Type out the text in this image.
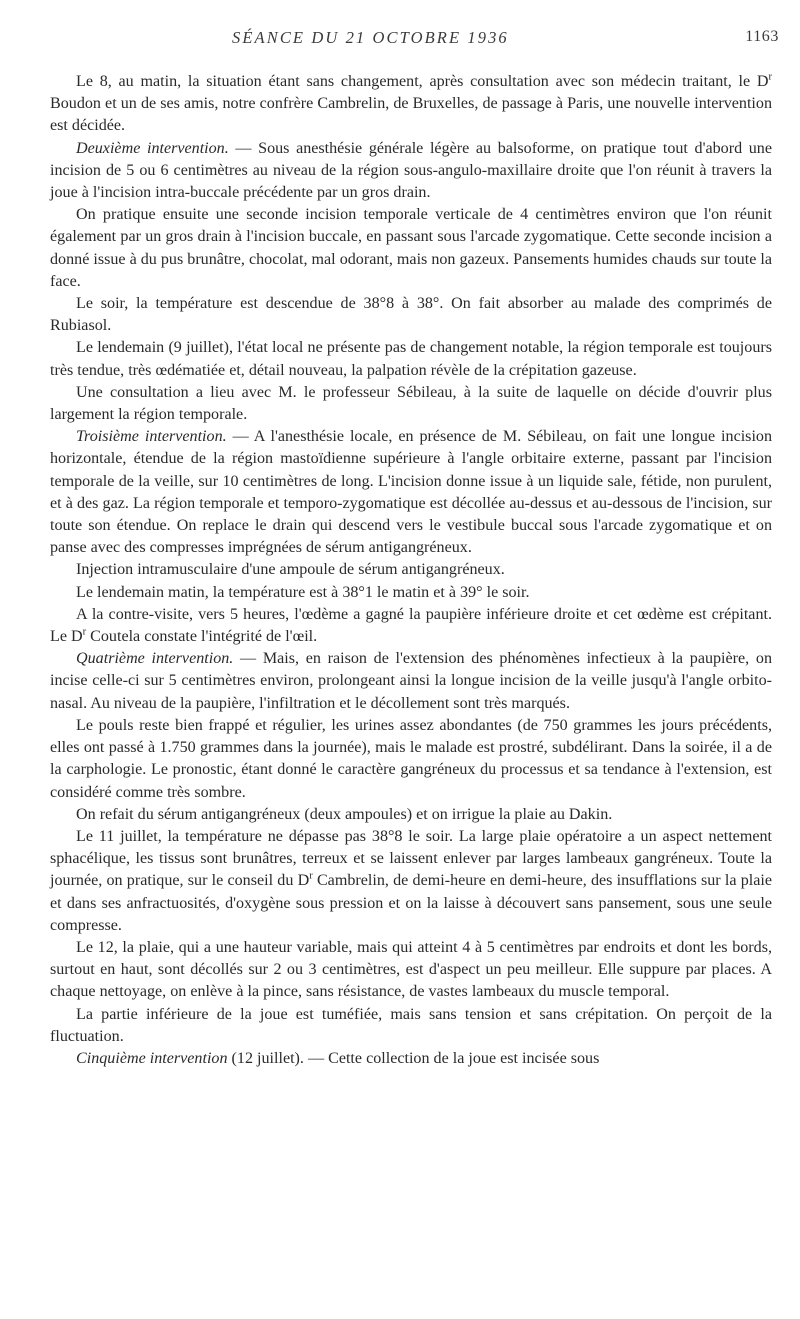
SÉANCE DU 21 OCTOBRE 1936	1163

Le 8, au matin, la situation étant sans changement, après consultation avec son médecin traitant, le $D^r$ Boudon et un de ses amis, notre confrère Cambrelin, de Bruxelles, de passage à Paris, une nouvelle intervention est décidée.

Deuxième intervention. — Sous anesthésie générale légère au balsoforme, on pratique tout d'abord une incision de 5 ou 6 centimètres au niveau de la région sous-angulo-maxillaire droite que l'on réunit à travers la joue à l'incision intra-buccale précédente par un gros drain.

On pratique ensuite une seconde incision temporale verticale de 4 centimètres environ que l'on réunit également par un gros drain à l'incision buccale, en passant sous l'arcade zygomatique. Cette seconde incision a donné issue à du pus brunâtre, chocolat, mal odorant, mais non gazeux. Pansements humides chauds sur toute la face.

Le soir, la température est descendue de 38°8 à 38°. On fait absorber au malade des comprimés de Rubiasol.

Le lendemain (9 juillet), l'état local ne présente pas de changement notable, la région temporale est toujours très tendue, très œdématiée et, détail nouveau, la palpation révèle de la crépitation gazeuse.

Une consultation a lieu avec M. le professeur Sébileau, à la suite de laquelle on décide d'ouvrir plus largement la région temporale.

Troisième intervention. — A l'anesthésie locale, en présence de M. Sébileau, on fait une longue incision horizontale, étendue de la région mastoïdienne supérieure à l'angle orbitaire externe, passant par l'incision temporale de la veille, sur 10 centimètres de long. L'incision donne issue à un liquide sale, fétide, non purulent, et à des gaz. La région temporale et temporo-zygomatique est décollée au-dessus et au-dessous de l'incision, sur toute son étendue. On replace le drain qui descend vers le vestibule buccal sous l'arcade zygomatique et on panse avec des compresses imprégnées de sérum antigangréneux.

Injection intramusculaire d'une ampoule de sérum antigangréneux.

Le lendemain matin, la température est à 38°1 le matin et à 39° le soir.

A la contre-visite, vers 5 heures, l'œdème a gagné la paupière inférieure droite et cet œdème est crépitant. Le $D^r$ Coutela constate l'intégrité de l'œil.

Quatrième intervention. — Mais, en raison de l'extension des phénomènes infectieux à la paupière, on incise celle-ci sur 5 centimètres environ, prolongeant ainsi la longue incision de la veille jusqu'à l'angle orbito-nasal. Au niveau de la paupière, l'infiltration et le décollement sont très marqués.

Le pouls reste bien frappé et régulier, les urines assez abondantes (de 750 grammes les jours précédents, elles ont passé à 1.750 grammes dans la journée), mais le malade est prostré, subdélirant. Dans la soirée, il a de la carphologie. Le pronostic, étant donné le caractère gangréneux du processus et sa tendance à l'extension, est considéré comme très sombre.

On refait du sérum antigangréneux (deux ampoules) et on irrigue la plaie au Dakin.

Le 11 juillet, la température ne dépasse pas 38°8 le soir. La large plaie opératoire a un aspect nettement sphacélique, les tissus sont brunâtres, terreux et se laissent enlever par larges lambeaux gangréneux. Toute la journée, on pratique, sur le conseil du $D^r$ Cambrelin, de demi-heure en demi-heure, des insufflations sur la plaie et dans ses anfractuosités, d'oxygène sous pression et on la laisse à découvert sans pansement, sous une seule compresse.

Le 12, la plaie, qui a une hauteur variable, mais qui atteint 4 à 5 centimètres par endroits et dont les bords, surtout en haut, sont décollés sur 2 ou 3 centimètres, est d'aspect un peu meilleur. Elle suppure par places. A chaque nettoyage, on enlève à la pince, sans résistance, de vastes lambeaux du muscle temporal.

La partie inférieure de la joue est tuméfiée, mais sans tension et sans crépitation. On perçoit de la fluctuation.

Cinquième intervention (12 juillet). — Cette collection de la joue est incisée sous
